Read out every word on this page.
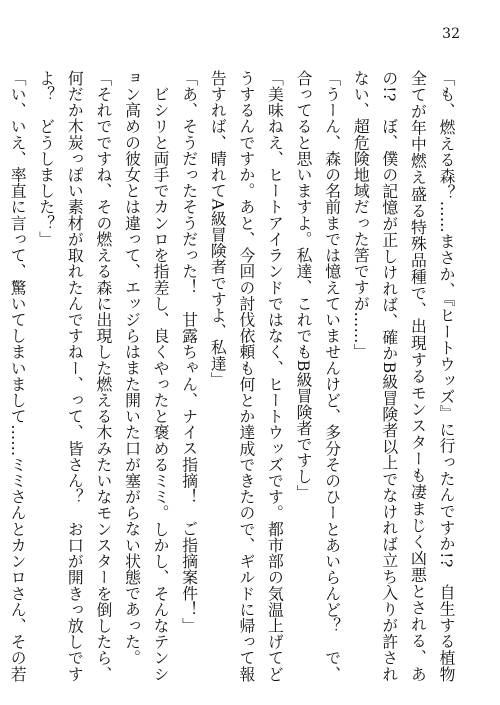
32

「も、燃える森？……まさか、『ヒートウッズ』に行ったんですか!?　自生する植物全てが年中燃え盛る特殊品種で、出現するモンスターも凄まじく凶悪とされる、あの!?　ぼ、僕の記憶が正しければ、確かB級冒険者以上でなければ立ち入りが許されない、超危険地域だった筈ですが……」

「うーん、森の名前までは憶えていませんけど、多分そのひーとあいらんど？　で、合ってると思いますよ。私達、これでもB級冒険者ですし」

「美味ねえ、ヒートアイランドではなく、ヒートウッズです。都市部の気温上げてどうするんですか。あと、今回の討伐依頼も何とか達成できたので、ギルドに帰って報告すれば、晴れてA級冒険者ですよ、私達」

「あ、そうだったそうだった！　甘露ちゃん、ナイス指摘！　ご指摘案件！」

　ビシリと両手でカンロを指差し、良くやったと褒めるミミ。しかし、そんなテンション高めの彼女とは違って、エッジらはまた開いた口が塞がらない状態であった。

「それでですね、その燃える森に出現した燃える木みたいなモンスターを倒したら、何だか木炭っぽい素材が取れたんですねー、って、皆さん？　お口が開きっ放しですよ？　どうしました？」

「い、いえ、率直に言って、驚いてしまいまして……ミミさんとカンロさん、その若
